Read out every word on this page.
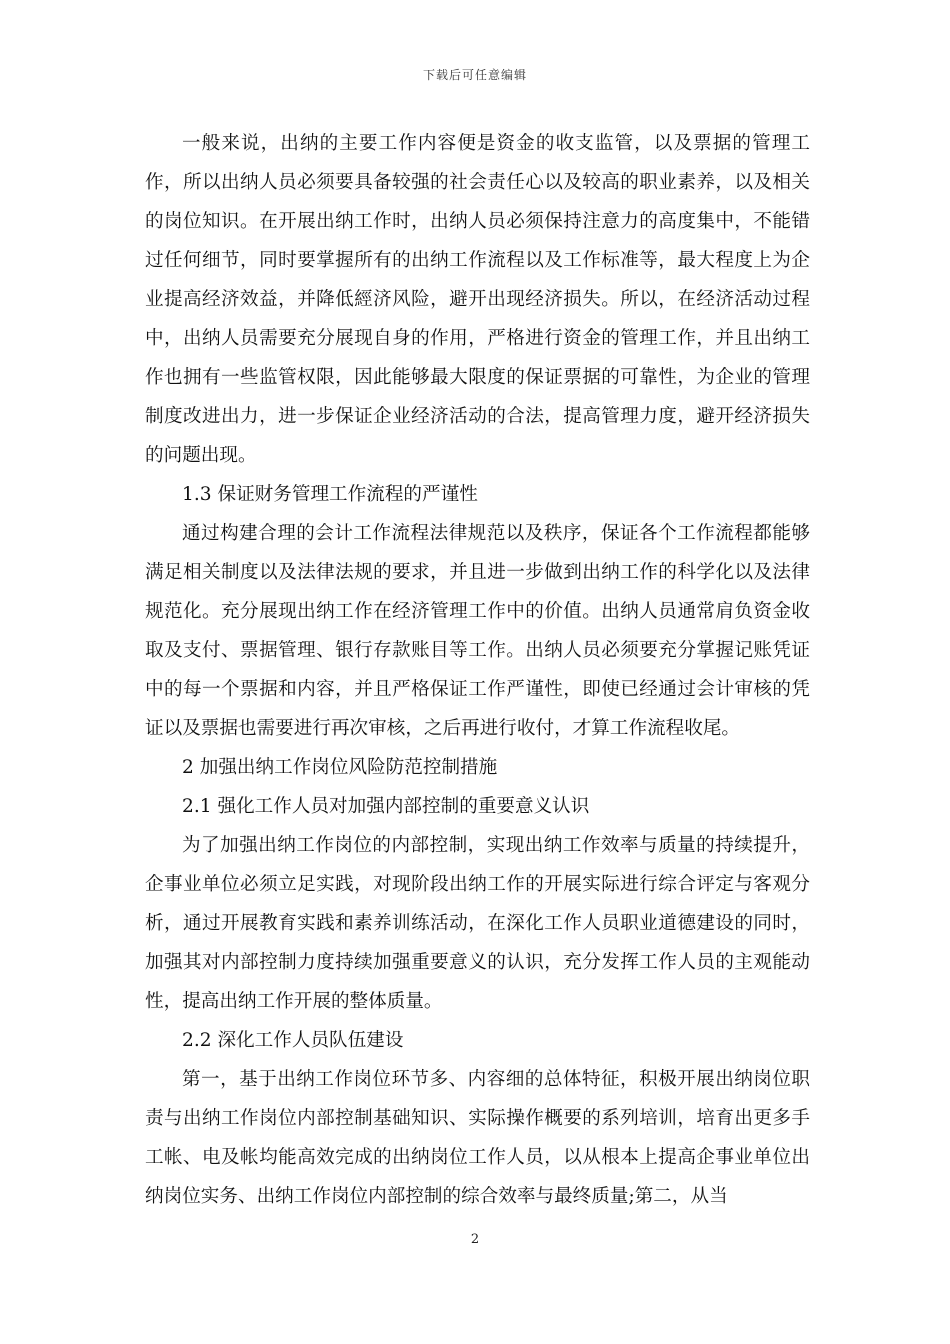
下载后可任意编辑

一般来说，出纳的主要工作内容便是资金的收支监管，以及票据的管理工作，所以出纳人员必须要具备较强的社会责任心以及较高的职业素养，以及相关的岗位知识。在开展出纳工作时，出纳人员必须保持注意力的高度集中，不能错过任何细节，同时要掌握所有的出纳工作流程以及工作标准等，最大程度上为企业提高经济效益，并降低經济风险，避开出现经济损失。所以，在经济活动过程中，出纳人员需要充分展现自身的作用，严格进行资金的管理工作，并且出纳工作也拥有一些监管权限，因此能够最大限度的保证票据的可靠性，为企业的管理制度改进出力，进一步保证企业经济活动的合法，提高管理力度，避开经济损失的问题出现。

1.3 保证财务管理工作流程的严谨性

通过构建合理的会计工作流程法律规范以及秩序，保证各个工作流程都能够满足相关制度以及法律法规的要求，并且进一步做到出纳工作的科学化以及法律规范化。充分展现出纳工作在经济管理工作中的价值。出纳人员通常肩负资金收取及支付、票据管理、银行存款账目等工作。出纳人员必须要充分掌握记账凭证中的每一个票据和内容，并且严格保证工作严谨性，即使已经通过会计审核的凭证以及票据也需要进行再次审核，之后再进行收付，才算工作流程收尾。

2 加强出纳工作岗位风险防范控制措施

2.1 强化工作人员对加强内部控制的重要意义认识

为了加强出纳工作岗位的内部控制，实现出纳工作效率与质量的持续提升，企事业单位必须立足实践，对现阶段出纳工作的开展实际进行综合评定与客观分析，通过开展教育实践和素养训练活动，在深化工作人员职业道德建设的同时，加强其对内部控制力度持续加强重要意义的认识，充分发挥工作人员的主观能动性，提高出纳工作开展的整体质量。

2.2 深化工作人员队伍建设

第一，基于出纳工作岗位环节多、内容细的总体特征，积极开展出纳岗位职责与出纳工作岗位内部控制基础知识、实际操作概要的系列培训，培育出更多手工帐、电及帐均能高效完成的出纳岗位工作人员，以从根本上提高企事业单位出纳岗位实务、出纳工作岗位内部控制的综合效率与最终质量;第二，从当

2
